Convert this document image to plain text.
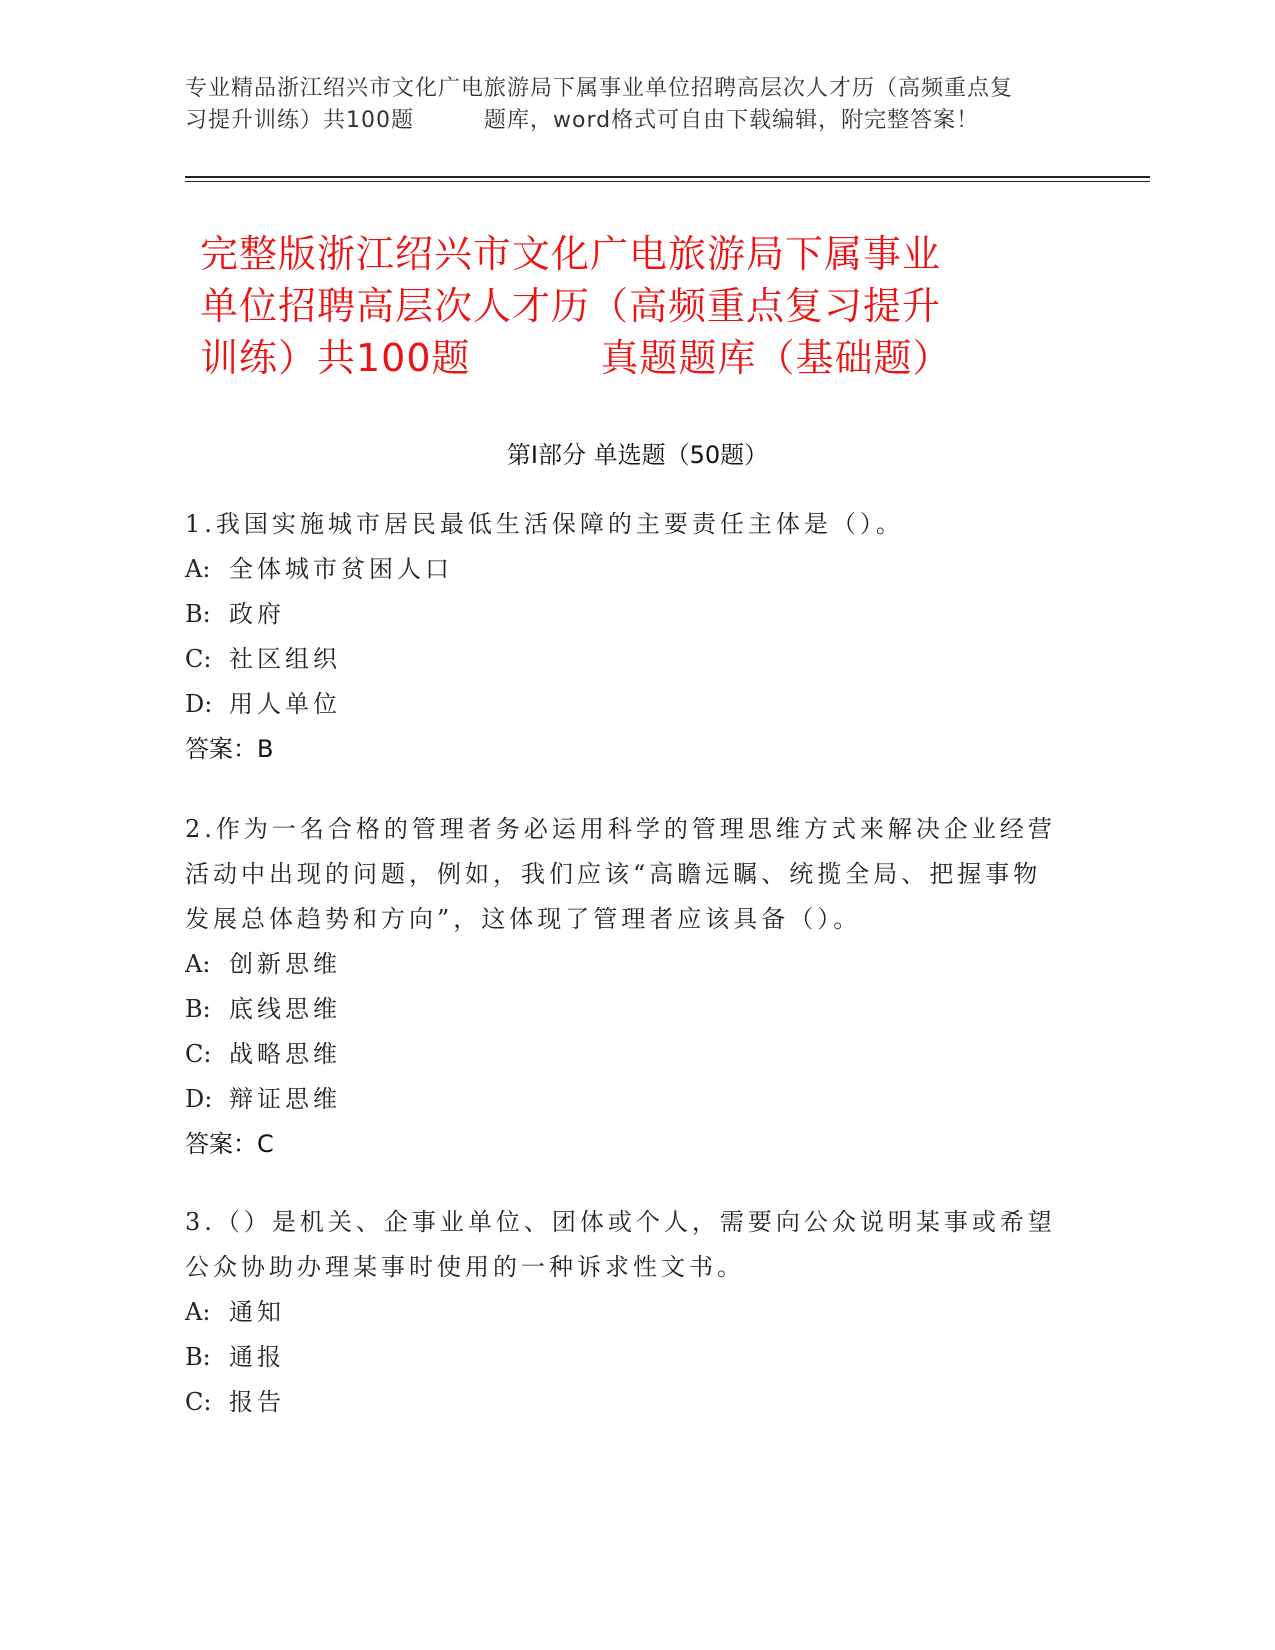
专业精品浙江绍兴市文化广电旅游局下属事业单位招聘高层次人才历（高频重点复
习提升训练）共100题	题库，word格式可自由下载编辑，附完整答案！
完整版浙江绍兴市文化广电旅游局下属事业
单位招聘高层次人才历（高频重点复习提升
训练）共100题	真题题库（基础题）
第Ⅰ部分 单选题（50题）
1.我国实施城市居民最低生活保障的主要责任主体是（）。
A: 全体城市贫困人口
B: 政府
C: 社区组织
D: 用人单位
答案：B
2.作为一名合格的管理者务必运用科学的管理思维方式来解决企业经营活动中出现的问题，例如，我们应该“高瞻远瞩、统揽全局、把握事物发展总体趋势和方向”，这体现了管理者应该具备（）。
A: 创新思维
B: 底线思维
C: 战略思维
D: 辩证思维
答案：C
3.（）是机关、企事业单位、团体或个人，需要向公众说明某事或希望公众协助办理某事时使用的一种诉求性文书。
A: 通知
B: 通报
C: 报告
